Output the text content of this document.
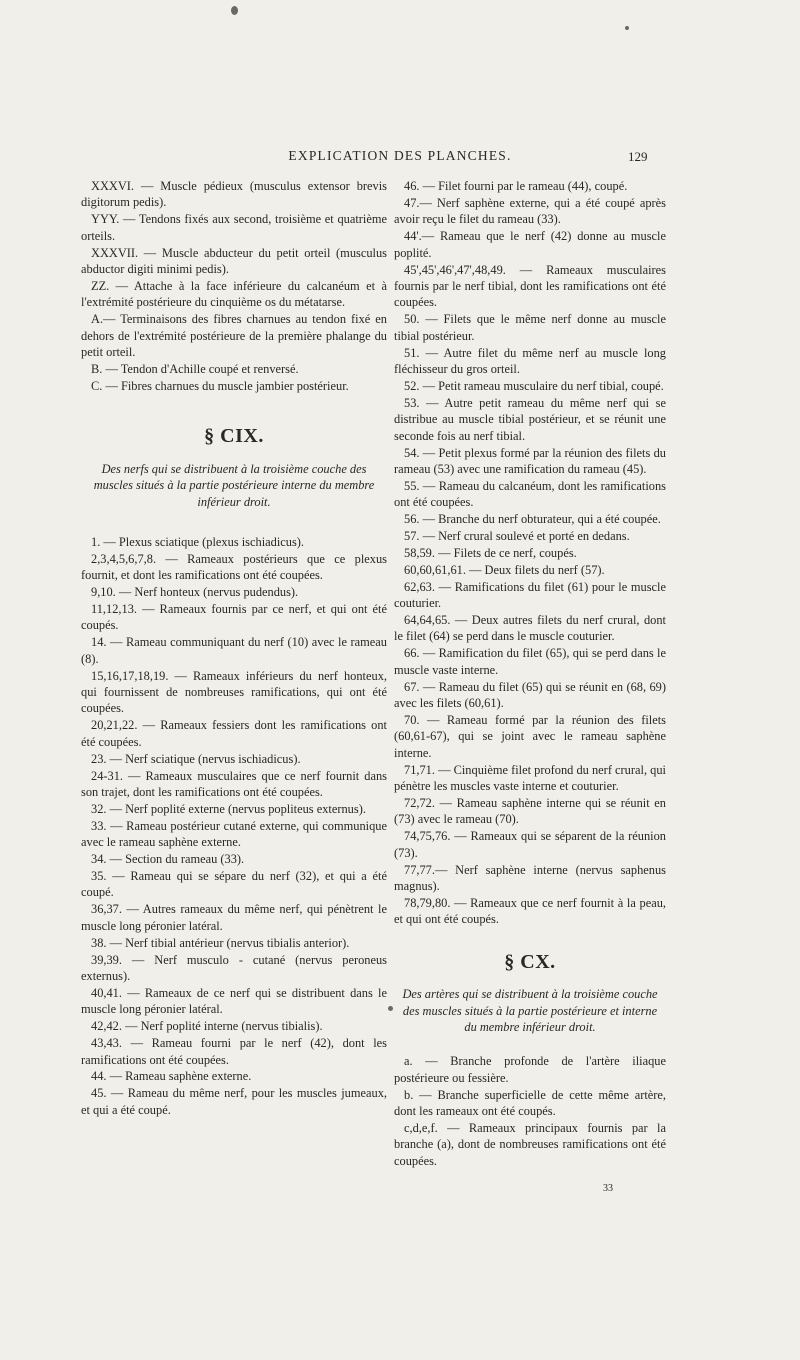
EXPLICATION DES PLANCHES.	129

XXXVI. — Muscle pédieux (musculus extensor brevis digitorum pedis).

YYY. — Tendons fixés aux second, troisième et quatrième orteils.

XXXVII. — Muscle abducteur du petit orteil (musculus abductor digiti minimi pedis).

ZZ. — Attache à la face inférieure du calcanéum et à l'extrémité postérieure du cinquième os du métatarse.

A.— Terminaisons des fibres charnues au tendon fixé en dehors de l'extrémité postérieure de la première phalange du petit orteil.

B. — Tendon d'Achille coupé et renversé.

C. — Fibres charnues du muscle jambier postérieur.

§ CIX.
Des nerfs qui se distribuent à la troisième couche des muscles situés à la partie postérieure interne du membre inférieur droit.

1. — Plexus sciatique (plexus ischiadicus).

2,3,4,5,6,7,8. — Rameaux postérieurs que ce plexus fournit, et dont les ramifications ont été coupées.

9,10. — Nerf honteux (nervus pudendus).

11,12,13. — Rameaux fournis par ce nerf, et qui ont été coupés.

14. — Rameau communiquant du nerf (10) avec le rameau (8).

15,16,17,18,19. — Rameaux inférieurs du nerf honteux, qui fournissent de nombreuses ramifications, qui ont été coupées.

20,21,22. — Rameaux fessiers dont les ramifications ont été coupées.

23. — Nerf sciatique (nervus ischiadicus).

24-31. — Rameaux musculaires que ce nerf fournit dans son trajet, dont les ramifications ont été coupées.

32. — Nerf poplité externe (nervus popliteus externus).

33. — Rameau postérieur cutané externe, qui communique avec le rameau saphène externe.

34. — Section du rameau (33).

35. — Rameau qui se sépare du nerf (32), et qui a été coupé.

36,37. — Autres rameaux du même nerf, qui pénètrent le muscle long péronier latéral.

38. — Nerf tibial antérieur (nervus tibialis anterior).

39,39. — Nerf musculo - cutané (nervus peroneus externus).

40,41. — Rameaux de ce nerf qui se distribuent dans le muscle long péronier latéral.

42,42. — Nerf poplité interne (nervus tibialis).

43,43. — Rameau fourni par le nerf (42), dont les ramifications ont été coupées.

44. — Rameau saphène externe.

45. — Rameau du même nerf, pour les muscles jumeaux, et qui a été coupé.

46. — Filet fourni par le rameau (44), coupé.

47.— Nerf saphène externe, qui a été coupé après avoir reçu le filet du rameau (33).

44'.— Rameau que le nerf (42) donne au muscle poplité.

45',45',46',47',48,49. — Rameaux musculaires fournis par le nerf tibial, dont les ramifications ont été coupées.

50. — Filets que le même nerf donne au muscle tibial postérieur.

51. — Autre filet du même nerf au muscle long fléchisseur du gros orteil.

52. — Petit rameau musculaire du nerf tibial, coupé.

53. — Autre petit rameau du même nerf qui se distribue au muscle tibial postérieur, et se réunit une seconde fois au nerf tibial.

54. — Petit plexus formé par la réunion des filets du rameau (53) avec une ramification du rameau (45).

55. — Rameau du calcanéum, dont les ramifications ont été coupées.

56. — Branche du nerf obturateur, qui a été coupée.

57. — Nerf crural soulevé et porté en dedans.

58,59. — Filets de ce nerf, coupés.

60,60,61,61. — Deux filets du nerf (57).

62,63. — Ramifications du filet (61) pour le muscle couturier.

64,64,65. — Deux autres filets du nerf crural, dont le filet (64) se perd dans le muscle couturier.

66. — Ramification du filet (65), qui se perd dans le muscle vaste interne.

67. — Rameau du filet (65) qui se réunit en (68, 69) avec les filets (60,61).

70. — Rameau formé par la réunion des filets (60,61-67), qui se joint avec le rameau saphène interne.

71,71. — Cinquième filet profond du nerf crural, qui pénètre les muscles vaste interne et couturier.

72,72. — Rameau saphène interne qui se réunit en (73) avec le rameau (70).

74,75,76. — Rameaux qui se séparent de la réunion (73).

77,77.— Nerf saphène interne (nervus saphenus magnus).

78,79,80. — Rameaux que ce nerf fournit à la peau, et qui ont été coupés.

§ CX.
Des artères qui se distribuent à la troisième couche des muscles situés à la partie postérieure et interne du membre inférieur droit.

a. — Branche profonde de l'artère iliaque postérieure ou fessière.

b. — Branche superficielle de cette même artère, dont les rameaux ont été coupés.

c,d,e,f. — Rameaux principaux fournis par la branche (a), dont de nombreuses ramifications ont été coupées.

33
